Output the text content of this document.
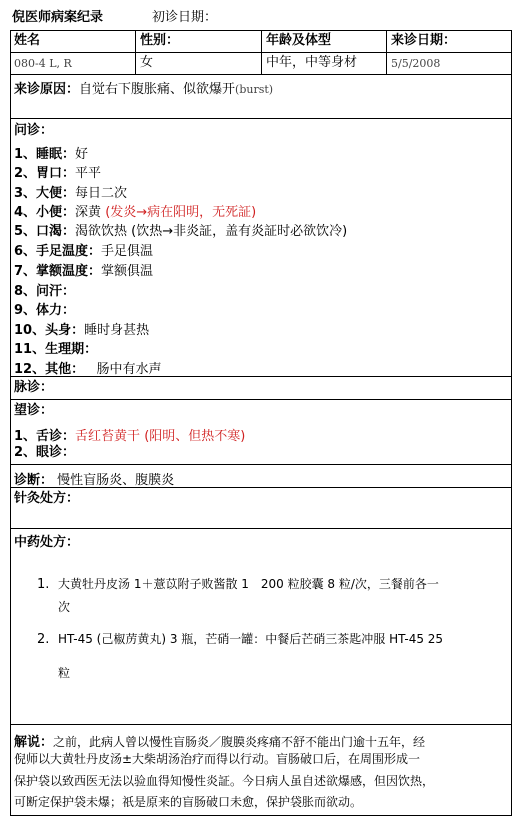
倪医师病案纪录	初诊日期：
姓名	性别：	年龄及体型	来诊日期：
080-4 L, R	女	中年，中等身材	5/5/2008
来诊原因：自觉右下腹胀痛、似欲爆开(burst)
问诊：
1、睡眠：好
2、胃口：平平
3、大便：每日二次
4、小便：深黄 (发炎→病在阳明，无死証)
5、口渴：渴欲饮热 (饮热→非炎証，盖有炎証时必欲饮冷)
6、手足温度：手足俱温
7、掌额温度：掌额俱温
8、问汗：
9、体力：
10、头身：睡时身甚热
11、生理期：
12、其他： 肠中有水声
脉诊：
望诊：
1、舌诊：舌红苔黄干 (阳明、但热不寒)
2、眼诊：
诊断： 慢性盲肠炎、腹膜炎
针灸处方：
中药处方：
1. 大黄牡丹皮汤 1＋薏苡附子败酱散 1　200 粒胶囊 8 粒/次，三餐前各一
次
2. HT-45 (己椒苈黄丸) 3 瓶，芒硝一罐：中餐后芒硝三茶匙冲服 HT-45 25
粒
解说：之前，此病人曾以慢性盲肠炎／腹膜炎疼痛不舒不能出门逾十五年，经
倪师以大黄牡丹皮汤±大柴胡汤治疗而得以行动。盲肠破口后，在周围形成一
保护袋以致西医无法以验血得知慢性炎証。今日病人虽自述欲爆感，但因饮热，
可断定保护袋未爆；祇是原来的盲肠破口未愈，保护袋胀而欲动。
